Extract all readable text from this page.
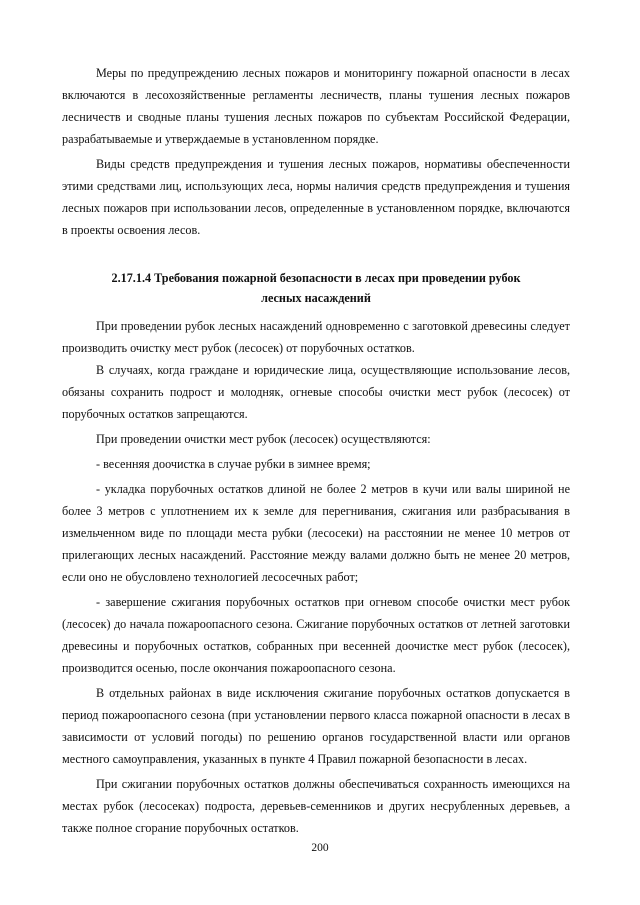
Меры по предупреждению лесных пожаров и мониторингу пожарной опасности в лесах включаются в лесохозяйственные регламенты лесничеств, планы тушения лесных пожаров лесничеств и сводные планы тушения лесных пожаров по субъектам Российской Федерации, разрабатываемые и утверждаемые в установленном порядке.

Виды средств предупреждения и тушения лесных пожаров, нормативы обеспеченности этими средствами лиц, использующих леса, нормы наличия средств предупреждения и тушения лесных пожаров при использовании лесов, определенные в установленном порядке, включаются в проекты освоения лесов.

2.17.1.4 Требования пожарной безопасности в лесах при проведении рубок лесных насаждений

При проведении рубок лесных насаждений одновременно с заготовкой древесины следует производить очистку мест рубок (лесосек) от порубочных остатков.

В случаях, когда граждане и юридические лица, осуществляющие использование лесов, обязаны сохранить подрост и молодняк, огневые способы очистки мест рубок (лесосек) от порубочных остатков запрещаются.

При проведении очистки мест рубок (лесосек) осуществляются:

- весенняя доочистка в случае рубки в зимнее время;

- укладка порубочных остатков длиной не более 2 метров в кучи или валы шириной не более 3 метров с уплотнением их к земле для перегнивания, сжигания или разбрасывания в измельченном виде по площади места рубки (лесосеки) на расстоянии не менее 10 метров от прилегающих лесных насаждений. Расстояние между валами должно быть не менее 20 метров, если оно не обусловлено технологией лесосечных работ;

- завершение сжигания порубочных остатков при огневом способе очистки мест рубок (лесосек) до начала пожароопасного сезона. Сжигание порубочных остатков от летней заготовки древесины и порубочных остатков, собранных при весенней доочистке мест рубок (лесосек), производится осенью, после окончания пожароопасного сезона.

В отдельных районах в виде исключения сжигание порубочных остатков допускается в период пожароопасного сезона (при установлении первого класса пожарной опасности в лесах в зависимости от условий погоды) по решению органов государственной власти или органов местного самоуправления, указанных в пункте 4 Правил пожарной безопасности в лесах.

При сжигании порубочных остатков должны обеспечиваться сохранность имеющихся на местах рубок (лесосеках) подроста, деревьев-семенников и других несрубленных деревьев, а также полное сгорание порубочных остатков.

200
